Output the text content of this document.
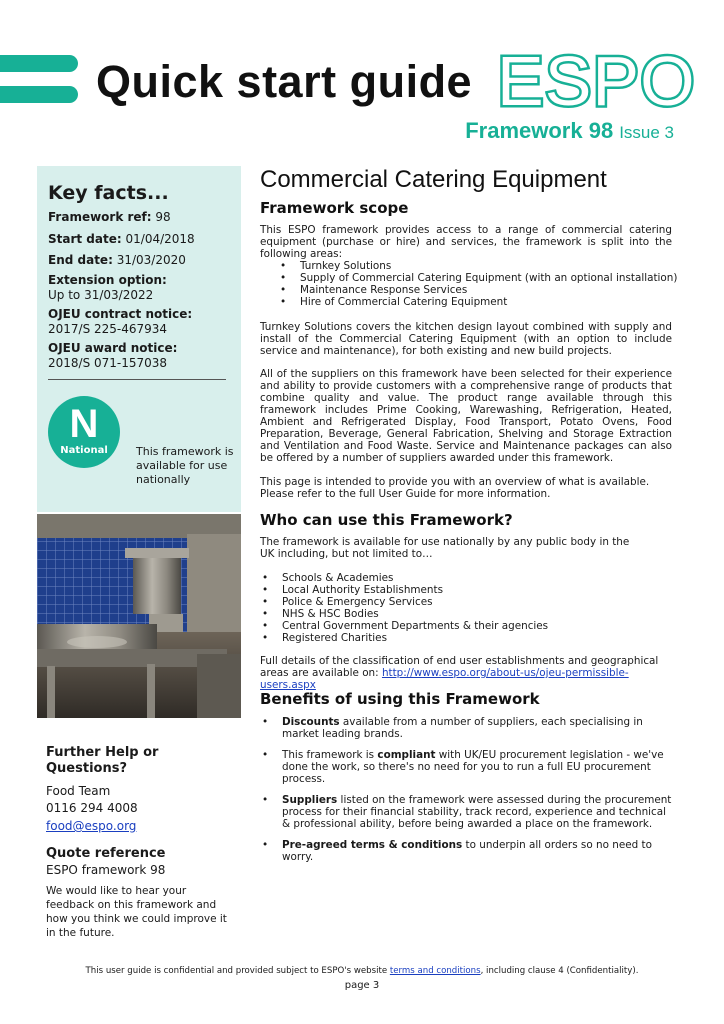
Quick start guide ESPO
Framework 98 Issue 3
Key facts...
Framework ref: 98
Start date: 01/04/2018
End date: 31/03/2020
Extension option:
Up to 31/03/2022
OJEU contract notice:
2017/S 225-467934
OJEU award notice:
2018/S 071-157038
N
National	This framework is available for use nationally
Further Help or Questions?
Food Team
0116 294 4008
food@espo.org
Quote reference
ESPO framework 98
We would like to hear your feedback on this framework and how you think we could improve it in the future.
Commercial Catering Equipment
Framework scope
This ESPO framework provides access to a range of commercial catering equipment (purchase or hire) and services, the framework is split into the following areas:
• Turnkey Solutions
• Supply of Commercial Catering Equipment (with an optional installation)
• Maintenance Response Services
• Hire of Commercial Catering Equipment
Turnkey Solutions covers the kitchen design layout combined with supply and install of the Commercial Catering Equipment (with an option to include service and maintenance), for both existing and new build projects.
All of the suppliers on this framework have been selected for their experience and ability to provide customers with a comprehensive range of products that combine quality and value. The product range available through this framework includes Prime Cooking, Warewashing, Refrigeration, Heated, Ambient and Refrigerated Display, Food Transport, Potato Ovens, Food Preparation, Beverage, General Fabrication, Shelving and Storage Extraction and Ventilation and Food Waste. Service and Maintenance packages can also be offered by a number of suppliers awarded under this framework.
This page is intended to provide you with an overview of what is available.
Please refer to the full User Guide for more information.
Who can use this Framework?
The framework is available for use nationally by any public body in the UK including, but not limited to…
• Schools & Academies
• Local Authority Establishments
• Police & Emergency Services
• NHS & HSC Bodies
• Central Government Departments & their agencies
• Registered Charities
Full details of the classification of end user establishments and geographical areas are available on: http://www.espo.org/about-us/ojeu-permissible-users.aspx
Benefits of using this Framework
• Discounts available from a number of suppliers, each specialising in market leading brands.
• This framework is compliant with UK/EU procurement legislation - we've done the work, so there's no need for you to run a full EU procurement process.
• Suppliers listed on the framework were assessed during the procurement process for their financial stability, track record, experience and technical & professional ability, before being awarded a place on the framework.
• Pre-agreed terms & conditions to underpin all orders so no need to worry.
This user guide is confidential and provided subject to ESPO's website terms and conditions, including clause 4 (Confidentiality).
page 3
